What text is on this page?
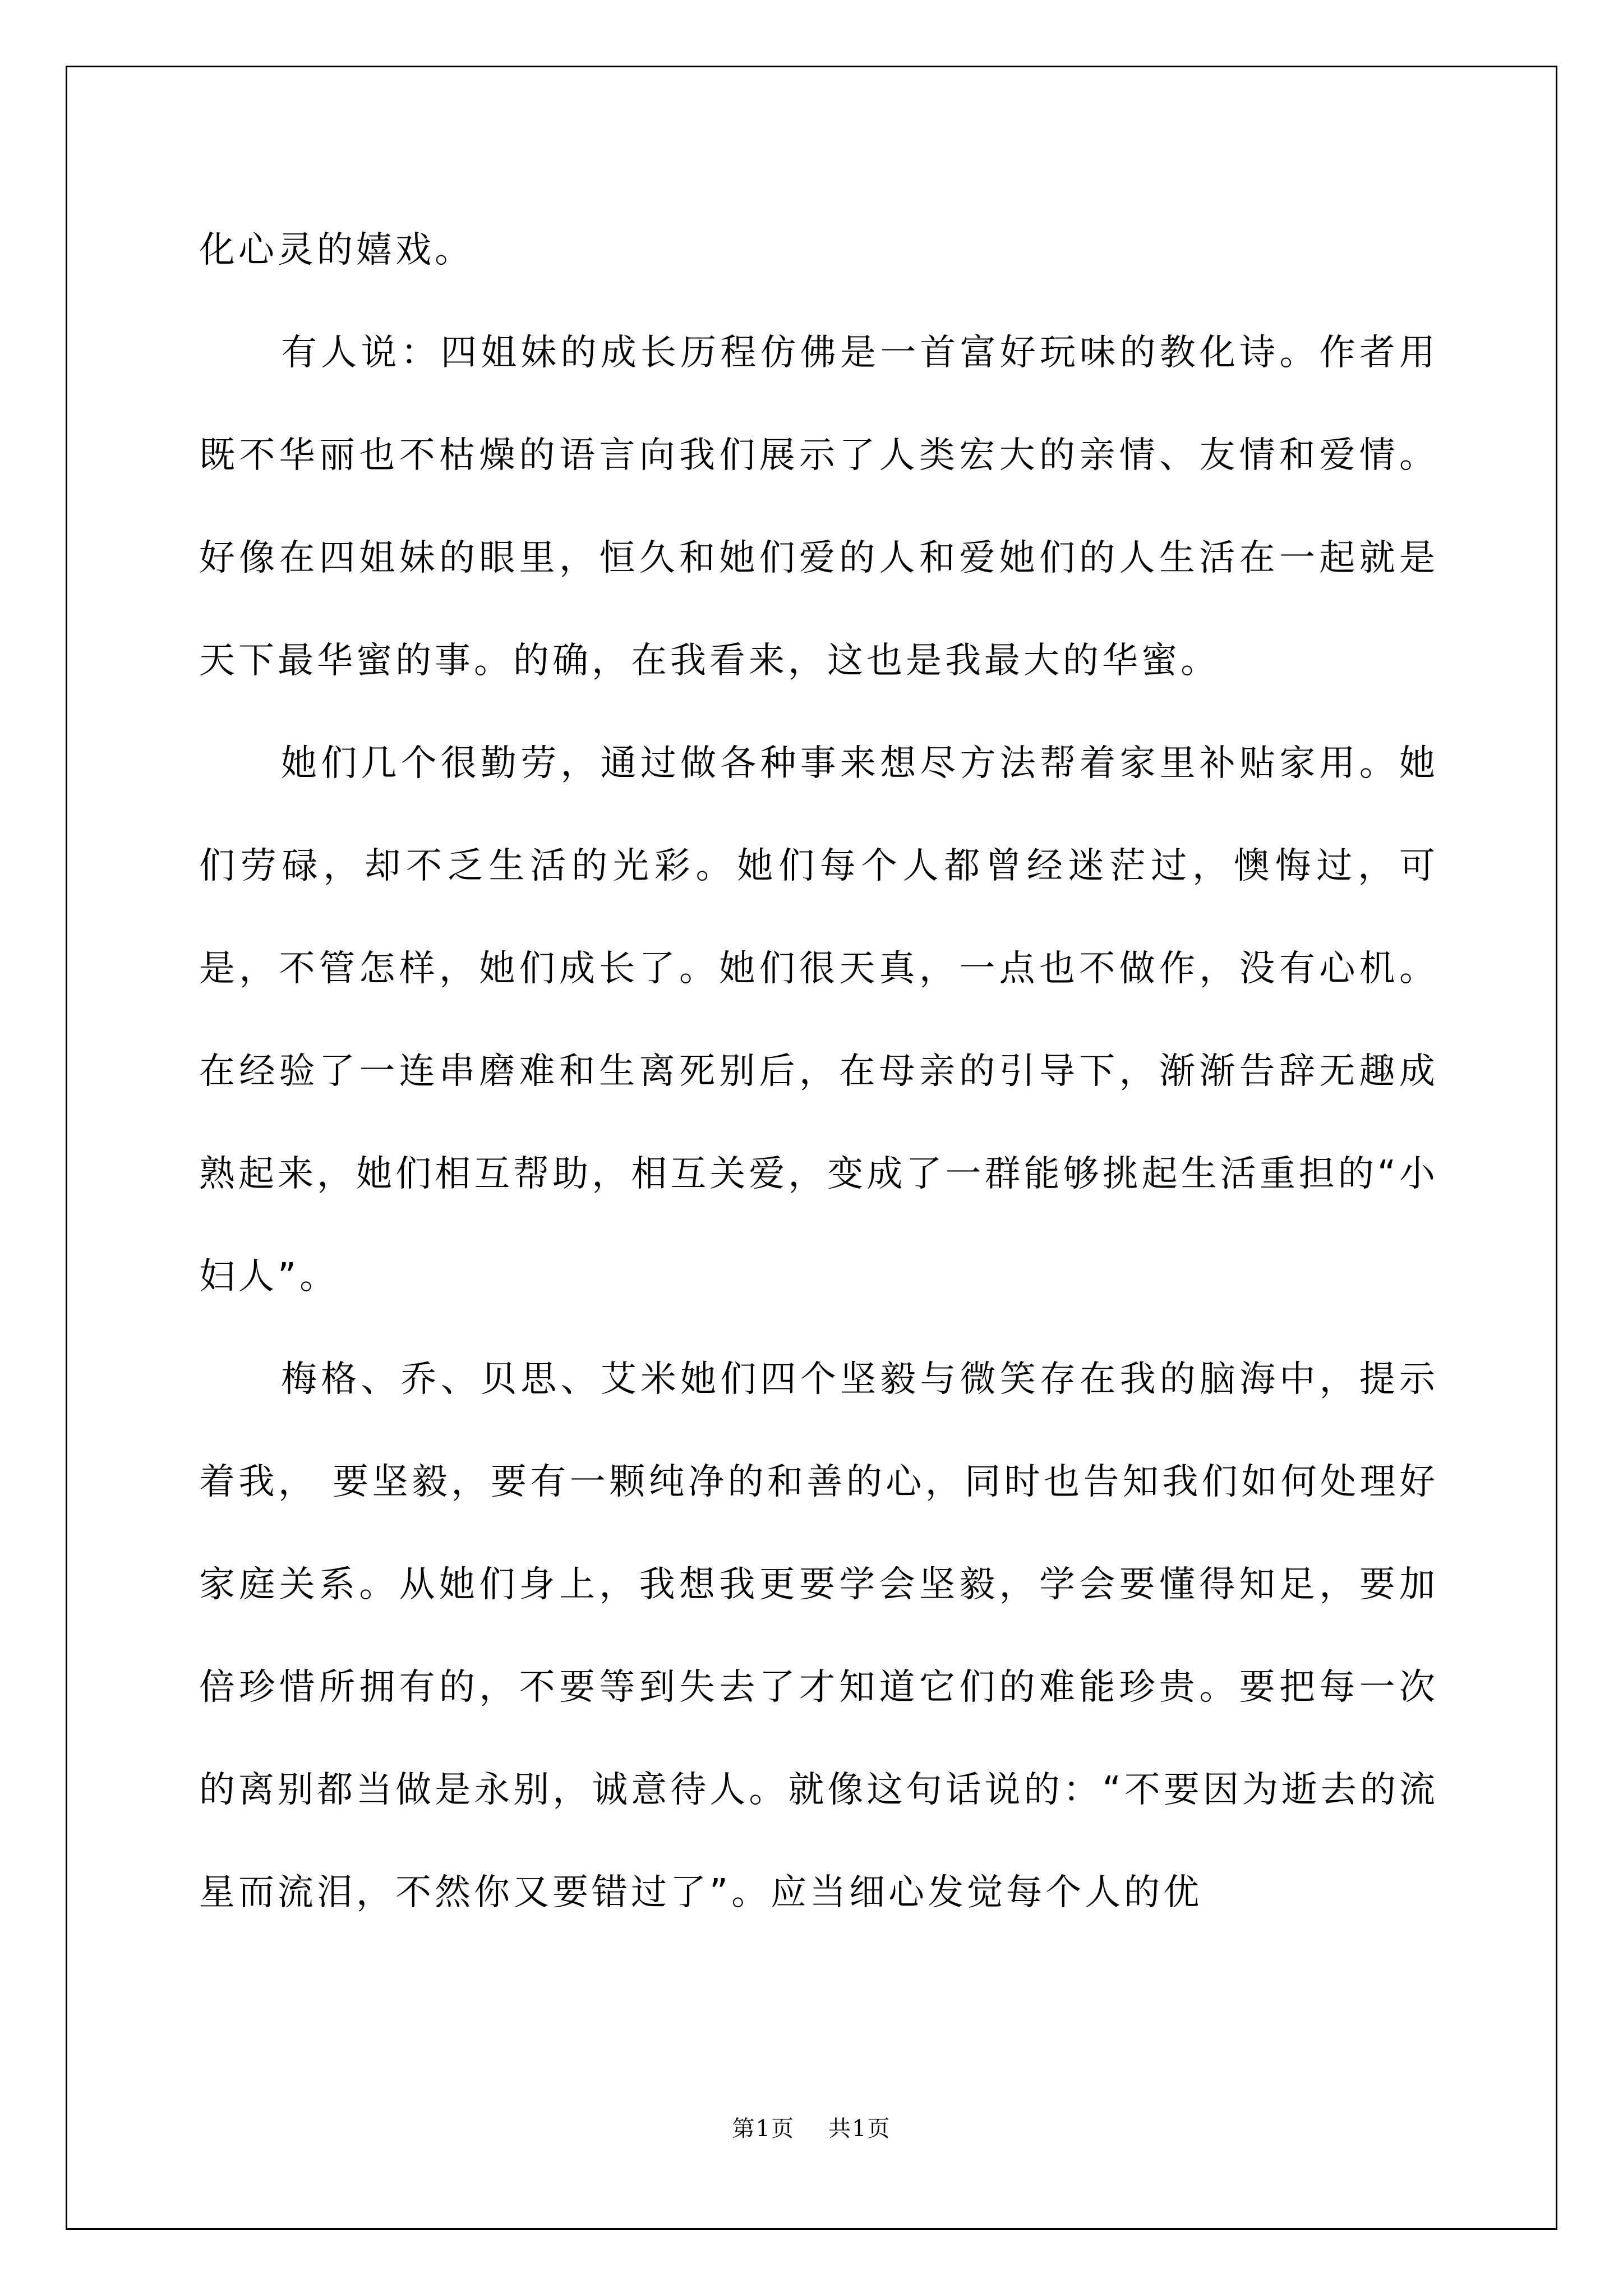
化心灵的嬉戏。

有人说：四姐妹的成长历程仿佛是一首富好玩味的教化诗。作者用既不华丽也不枯燥的语言向我们展示了人类宏大的亲情、友情和爱情。好像在四姐妹的眼里，恒久和她们爱的人和爱她们的人生活在一起就是天下最华蜜的事。的确，在我看来，这也是我最大的华蜜。

她们几个很勤劳，通过做各种事来想尽方法帮着家里补贴家用。她们劳碌，却不乏生活的光彩。她们每个人都曾经迷茫过，懊悔过，可是，不管怎样，她们成长了。她们很天真，一点也不做作，没有心机。在经验了一连串磨难和生离死别后，在母亲的引导下，渐渐告辞无趣成熟起来，她们相互帮助，相互关爱，变成了一群能够挑起生活重担的“小妇人”。

梅格、乔、贝思、艾米她们四个坚毅与微笑存在我的脑海中，提示着我， 要坚毅，要有一颗纯净的和善的心，同时也告知我们如何处理好家庭关系。从她们身上，我想我更要学会坚毅，学会要懂得知足，要加倍珍惜所拥有的，不要等到失去了才知道它们的难能珍贵。要把每一次的离别都当做是永别，诚意待人。就像这句话说的：“不要因为逝去的流星而流泪，不然你又要错过了”。应当细心发觉每个人的优

第1页 共1页
